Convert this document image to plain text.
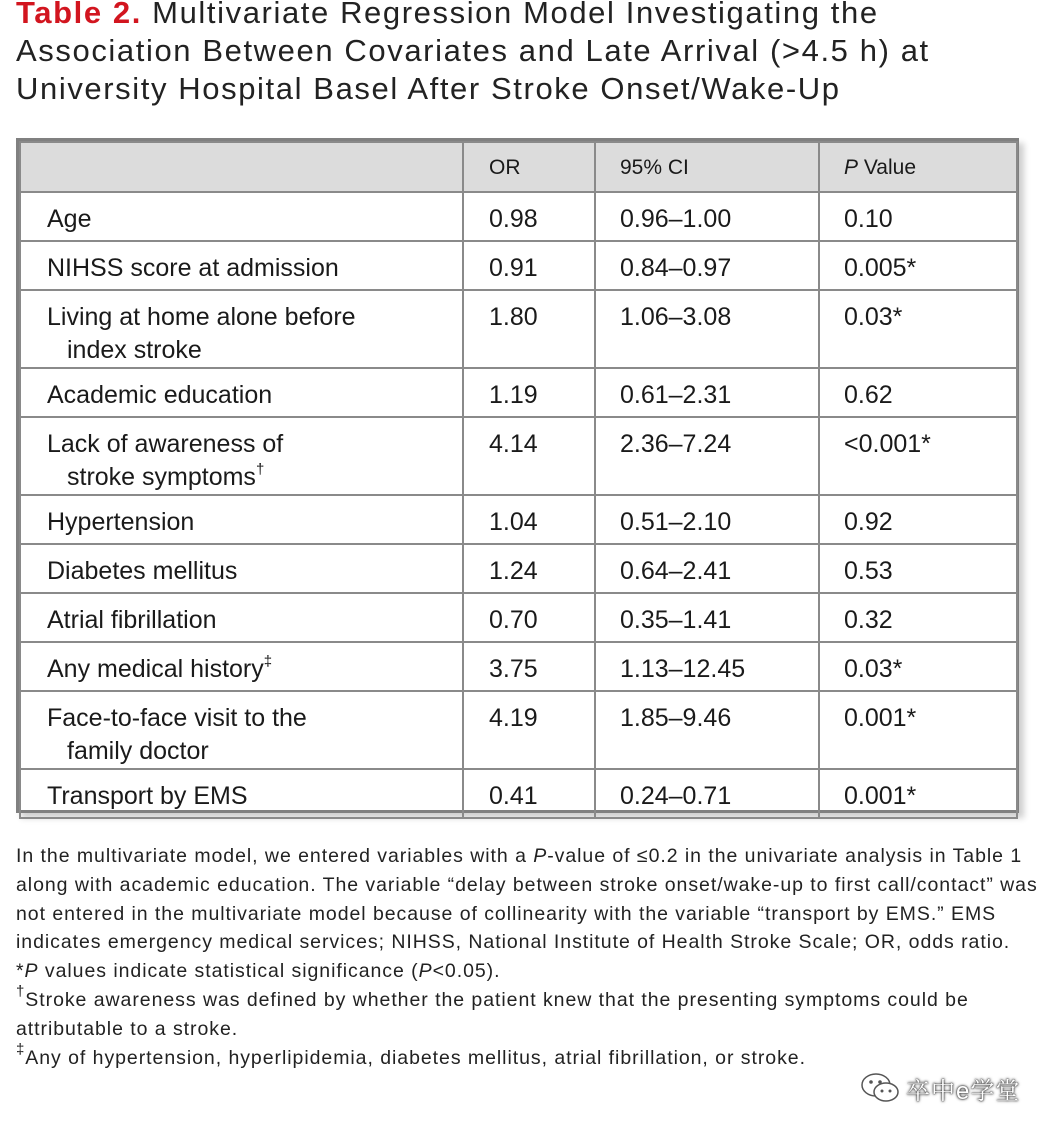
Table 2. Multivariate Regression Model Investigating the Association Between Covariates and Late Arrival (>4.5 h) at University Hospital Basel After Stroke Onset/Wake-Up
	OR	95% CI	P Value
Age	0.98	0.96–1.00	0.10
NIHSS score at admission	0.91	0.84–0.97	0.005*
Living at home alone before
index stroke	1.80	1.06–3.08	0.03*
Academic education	1.19	0.61–2.31	0.62
Lack of awareness of
stroke symptoms†	4.14	2.36–7.24	<0.001*
Hypertension	1.04	0.51–2.10	0.92
Diabetes mellitus	1.24	0.64–2.41	0.53
Atrial fibrillation	0.70	0.35–1.41	0.32
Any medical history‡	3.75	1.13–12.45	0.03*
Face-to-face visit to the
family doctor	4.19	1.85–9.46	0.001*
Transport by EMS	0.41	0.24–0.71	0.001*

In the multivariate model, we entered variables with a P-value of ≤0.2 in the univariate analysis in Table 1 along with academic education. The variable “delay between stroke onset/wake-up to first call/contact” was not entered in the multivariate model because of collinearity with the variable “transport by EMS.” EMS indicates emergency medical services; NIHSS, National Institute of Health Stroke Scale; OR, odds ratio.

*P values indicate statistical significance (P<0.05).

†Stroke awareness was defined by whether the patient knew that the presenting symptoms could be attributable to a stroke.

‡Any of hypertension, hyperlipidemia, diabetes mellitus, atrial fibrillation, or stroke.

卒中e学堂
